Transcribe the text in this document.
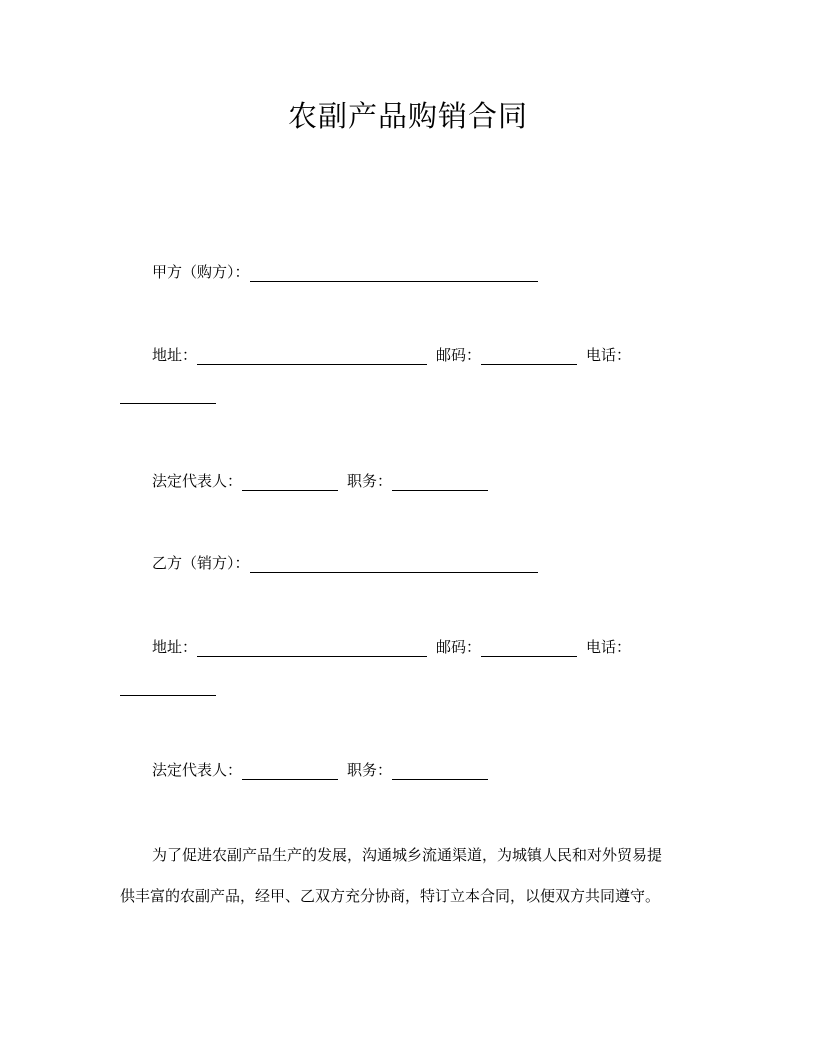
农副产品购销合同
甲方（购方）：
地址：	邮码：	电话：
法定代表人：	职务：
乙方（销方）：
地址：	邮码：	电话：
法定代表人：	职务：
为了促进农副产品生产的发展，沟通城乡流通渠道，为城镇人民和对外贸易提
供丰富的农副产品，经甲、乙双方充分协商，特订立本合同，以便双方共同遵守。
